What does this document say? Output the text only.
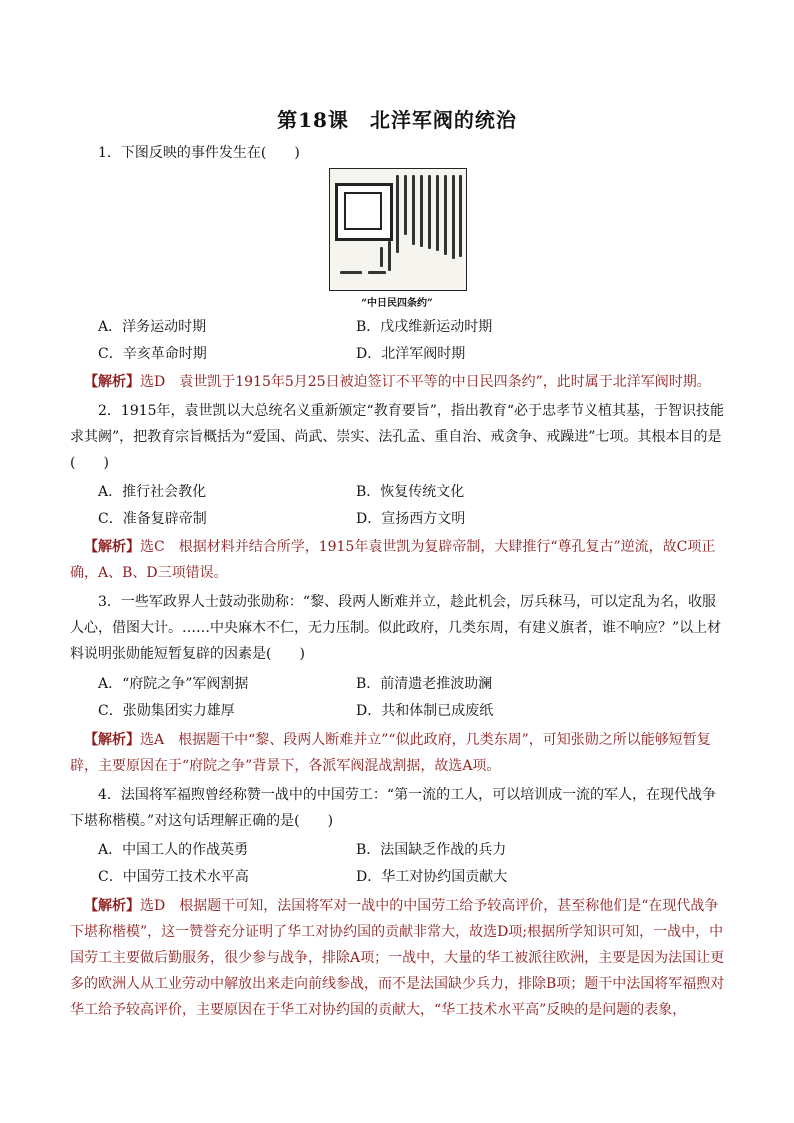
第18课　北洋军阀的统治

1．下图反映的事件发生在(　　)

“中日民四条约”
A．洋务运动时期	B．戊戌维新运动时期
C．辛亥革命时期	D．北洋军阀时期

【解析】选D　袁世凯于1915年5月25日被迫签订不平等的中日民四条约”，此时属于北洋军阀时期。

2．1915年，袁世凯以大总统名义重新颁定“教育要旨”，指出教育“必于忠孝节义植其基，于智识技能求其阙”，把教育宗旨概括为“爱国、尚武、崇实、法孔孟、重自治、戒贪争、戒躁进”七项。其根本目的是(　　)

A．推行社会教化	B．恢复传统文化
C．准备复辟帝制	D．宣扬西方文明

【解析】选C　根据材料并结合所学，1915年袁世凯为复辟帝制，大肆推行“尊孔复古”逆流，故C项正确，A、B、D三项错误。

3．一些军政界人士鼓动张勋称：“黎、段两人断难并立，趁此机会，厉兵秣马，可以定乱为名，收服人心，借图大计。……中央麻木不仁，无力压制。似此政府，几类东周，有建义旗者，谁不响应？”以上材料说明张勋能短暂复辟的因素是(　　)

A．“府院之争”军阀割据	B．前清遗老推波助澜
C．张勋集团实力雄厚	D．共和体制已成废纸

【解析】选A　根据题干中“黎、段两人断难并立”“似此政府，几类东周”，可知张勋之所以能够短暂复辟，主要原因在于“府院之争”背景下，各派军阀混战割据，故选A项。

4．法国将军福煦曾经称赞一战中的中国劳工：“第一流的工人，可以培训成一流的军人，在现代战争下堪称楷模。”对这句话理解正确的是(　　)

A．中国工人的作战英勇	B．法国缺乏作战的兵力
C．中国劳工技术水平高	D．华工对协约国贡献大

【解析】选D　根据题干可知，法国将军对一战中的中国劳工给予较高评价，甚至称他们是“在现代战争下堪称楷模”，这一赞誉充分证明了华工对协约国的贡献非常大，故选D项;根据所学知识可知，一战中，中国劳工主要做后勤服务，很少参与战争，排除A项；一战中，大量的华工被派往欧洲，主要是因为法国让更多的欧洲人从工业劳动中解放出来走向前线参战，而不是法国缺少兵力，排除B项；题干中法国将军福煦对华工给予较高评价，主要原因在于华工对协约国的贡献大，“华工技术水平高”反映的是问题的表象，
